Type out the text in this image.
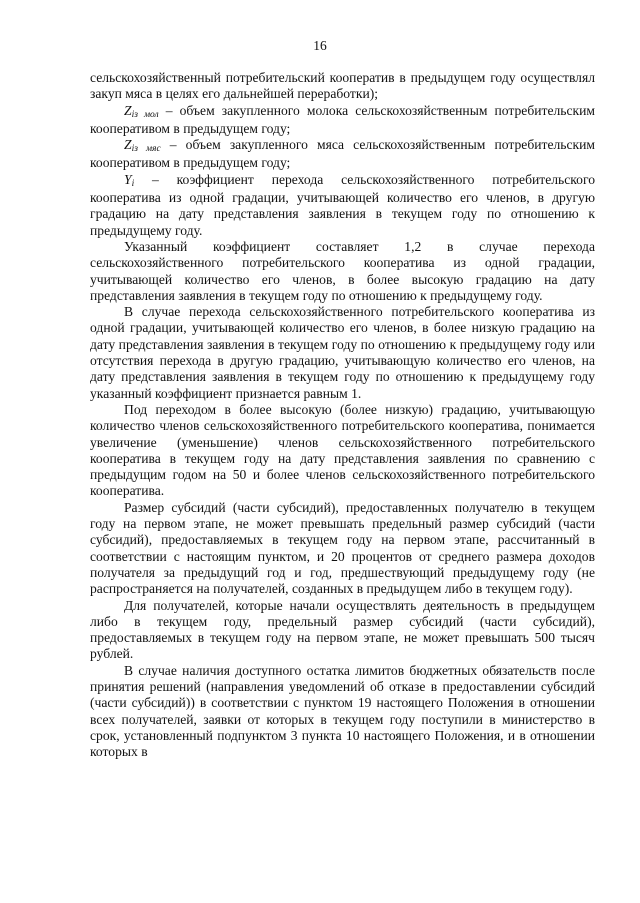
16

сельскохозяйственный потребительский кооператив в предыдущем году осуществлял закуп мяса в целях его дальнейшей переработки);

Ziз мол – объем закупленного молока сельскохозяйственным потребительским кооперативом в предыдущем году;

Ziз мяс – объем закупленного мяса сельскохозяйственным потребительским кооперативом в предыдущем году;

Yi – коэффициент перехода сельскохозяйственного потребительского кооператива из одной градации, учитывающей количество его членов, в другую градацию на дату представления заявления в текущем году по отношению к предыдущему году.

Указанный коэффициент составляет 1,2 в случае перехода сельскохозяйственного потребительского кооператива из одной градации, учитывающей количество его членов, в более высокую градацию на дату представления заявления в текущем году по отношению к предыдущему году.

В случае перехода сельскохозяйственного потребительского кооператива из одной градации, учитывающей количество его членов, в более низкую градацию на дату представления заявления в текущем году по отношению к предыдущему году или отсутствия перехода в другую градацию, учитывающую количество его членов, на дату представления заявления в текущем году по отношению к предыдущему году указанный коэффициент признается равным 1.

Под переходом в более высокую (более низкую) градацию, учитывающую количество членов сельскохозяйственного потребительского кооператива, понимается увеличение (уменьшение) членов сельскохозяйственного потребительского кооператива в текущем году на дату представления заявления по сравнению с предыдущим годом на 50 и более членов сельскохозяйственного потребительского кооператива.

Размер субсидий (части субсидий), предоставленных получателю в текущем году на первом этапе, не может превышать предельный размер субсидий (части субсидий), предоставляемых в текущем году на первом этапе, рассчитанный в соответствии с настоящим пунктом, и 20 процентов от среднего размера доходов получателя за предыдущий год и год, предшествующий предыдущему году (не распространяется на получателей, созданных в предыдущем либо в текущем году).

Для получателей, которые начали осуществлять деятельность в предыдущем либо в текущем году, предельный размер субсидий (части субсидий), предоставляемых в текущем году на первом этапе, не может превышать 500 тысяч рублей.

В случае наличия доступного остатка лимитов бюджетных обязательств после принятия решений (направления уведомлений об отказе в предоставлении субсидий (части субсидий)) в соответствии с пунктом 19 настоящего Положения в отношении всех получателей, заявки от которых в текущем году поступили в министерство в срок, установленный подпунктом 3 пункта 10 настоящего Положения, и в отношении которых в
